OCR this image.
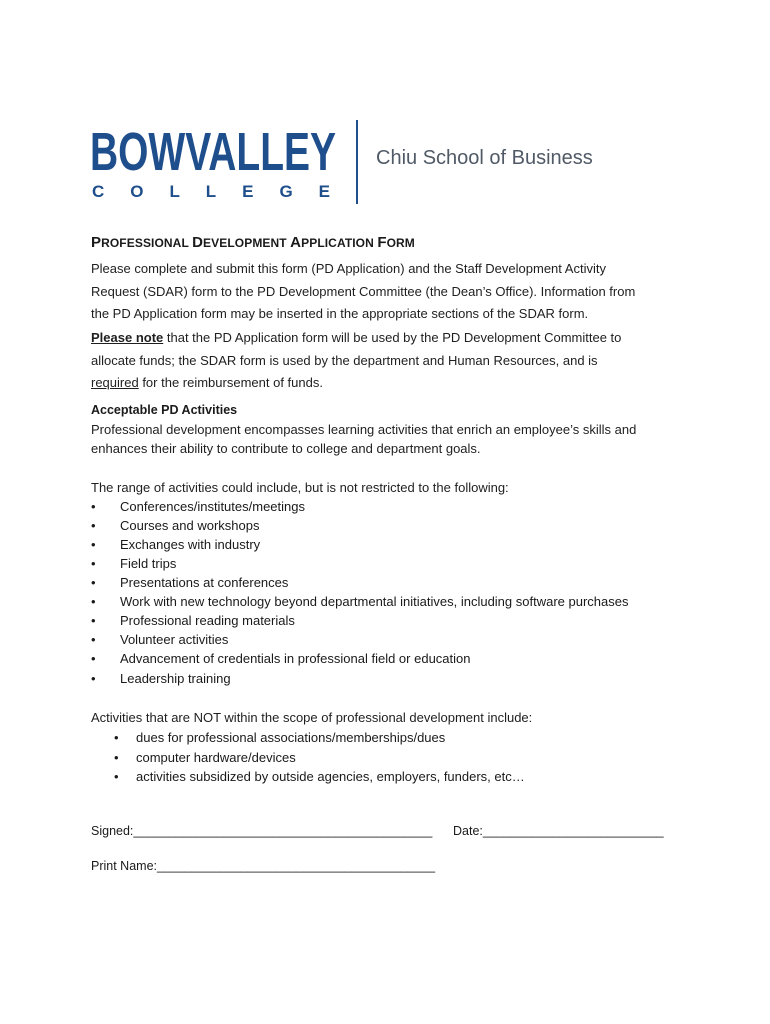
BOWVALLEY
COLLEGE
Chiu School of Business
PROFESSIONAL DEVELOPMENT APPLICATION FORM
Please complete and submit this form (PD Application) and the Staff Development Activity
Request (SDAR) form to the PD Development Committee (the Dean’s Office). Information from
the PD Application form may be inserted in the appropriate sections of the SDAR form.
Please note that the PD Application form will be used by the PD Development Committee to
allocate funds; the SDAR form is used by the department and Human Resources, and is
required for the reimbursement of funds.
Acceptable PD Activities
Professional development encompasses learning activities that enrich an employee’s skills and
enhances their ability to contribute to college and department goals.
The range of activities could include, but is not restricted to the following:
•	Conferences/institutes/meetings
•	Courses and workshops
•	Exchanges with industry
•	Field trips
•	Presentations at conferences
•	Work with new technology beyond departmental initiatives, including software purchases
•	Professional reading materials
•	Volunteer activities
•	Advancement of credentials in professional field or education
•	Leadership training
Activities that are NOT within the scope of professional development include:
• dues for professional associations/memberships/dues
• computer hardware/devices
• activities subsidized by outside agencies, employers, funders, etc…
Signed:___________________________________________ Date:__________________________
Print Name:________________________________________
